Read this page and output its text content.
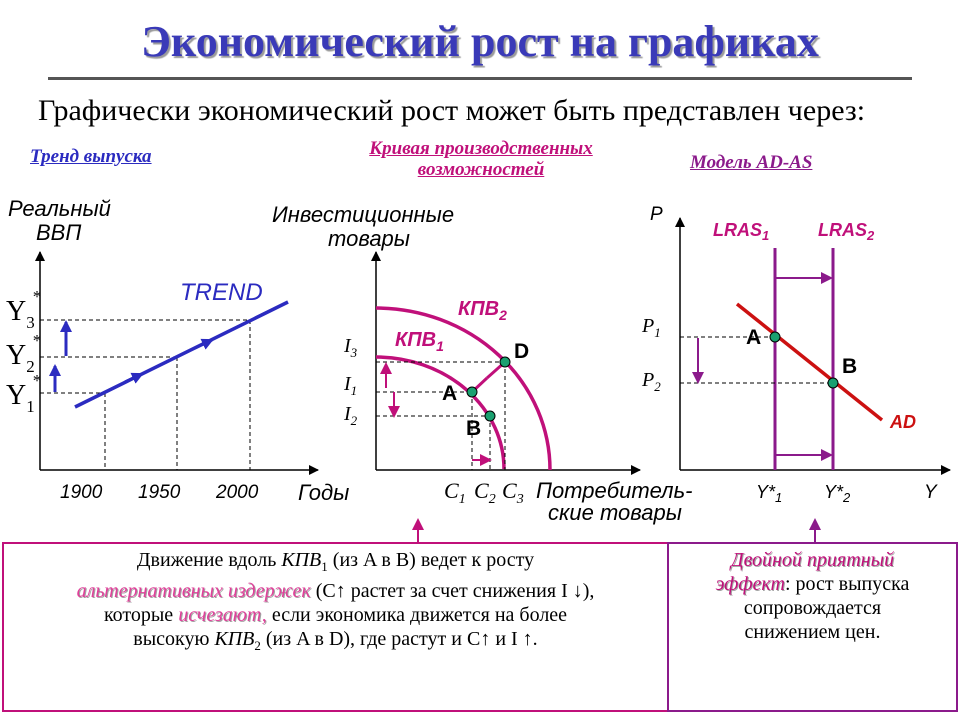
Экономический рост на графиках
Графически экономический рост может быть представлен через:
Тренд выпуска	Кривая производственных возможностей	Модель AD-AS
Реальный
ВВП
Годы
TREND
$Y_3*$
$Y_2*$
$Y_1*$
1900 1950 2000
Инвестиционные
товары
Потребитель-
ские товары
$КПВ_1$
$КПВ_2$
A
B
D
$I_3$
$I_1$
$I_2$
$C_1$ $C_2$ $C_3$
P
Y
$LRAS_1$	$LRAS_2$
AD
A
B
$P_1$
$P_2$
$Y*_1$ $Y*_2$
Движение вдоль $КПВ_1$ (из A в B) ведет к росту
альтернативных издержек (C↑ растет за счет снижения I ↓),
которые исчезают, если экономика движется на более
высокую $КПВ_2$ (из A в D), где растут и C↑ и I ↑.
Двойной приятный
эффект: рост выпуска
сопровождается
снижением цен.
